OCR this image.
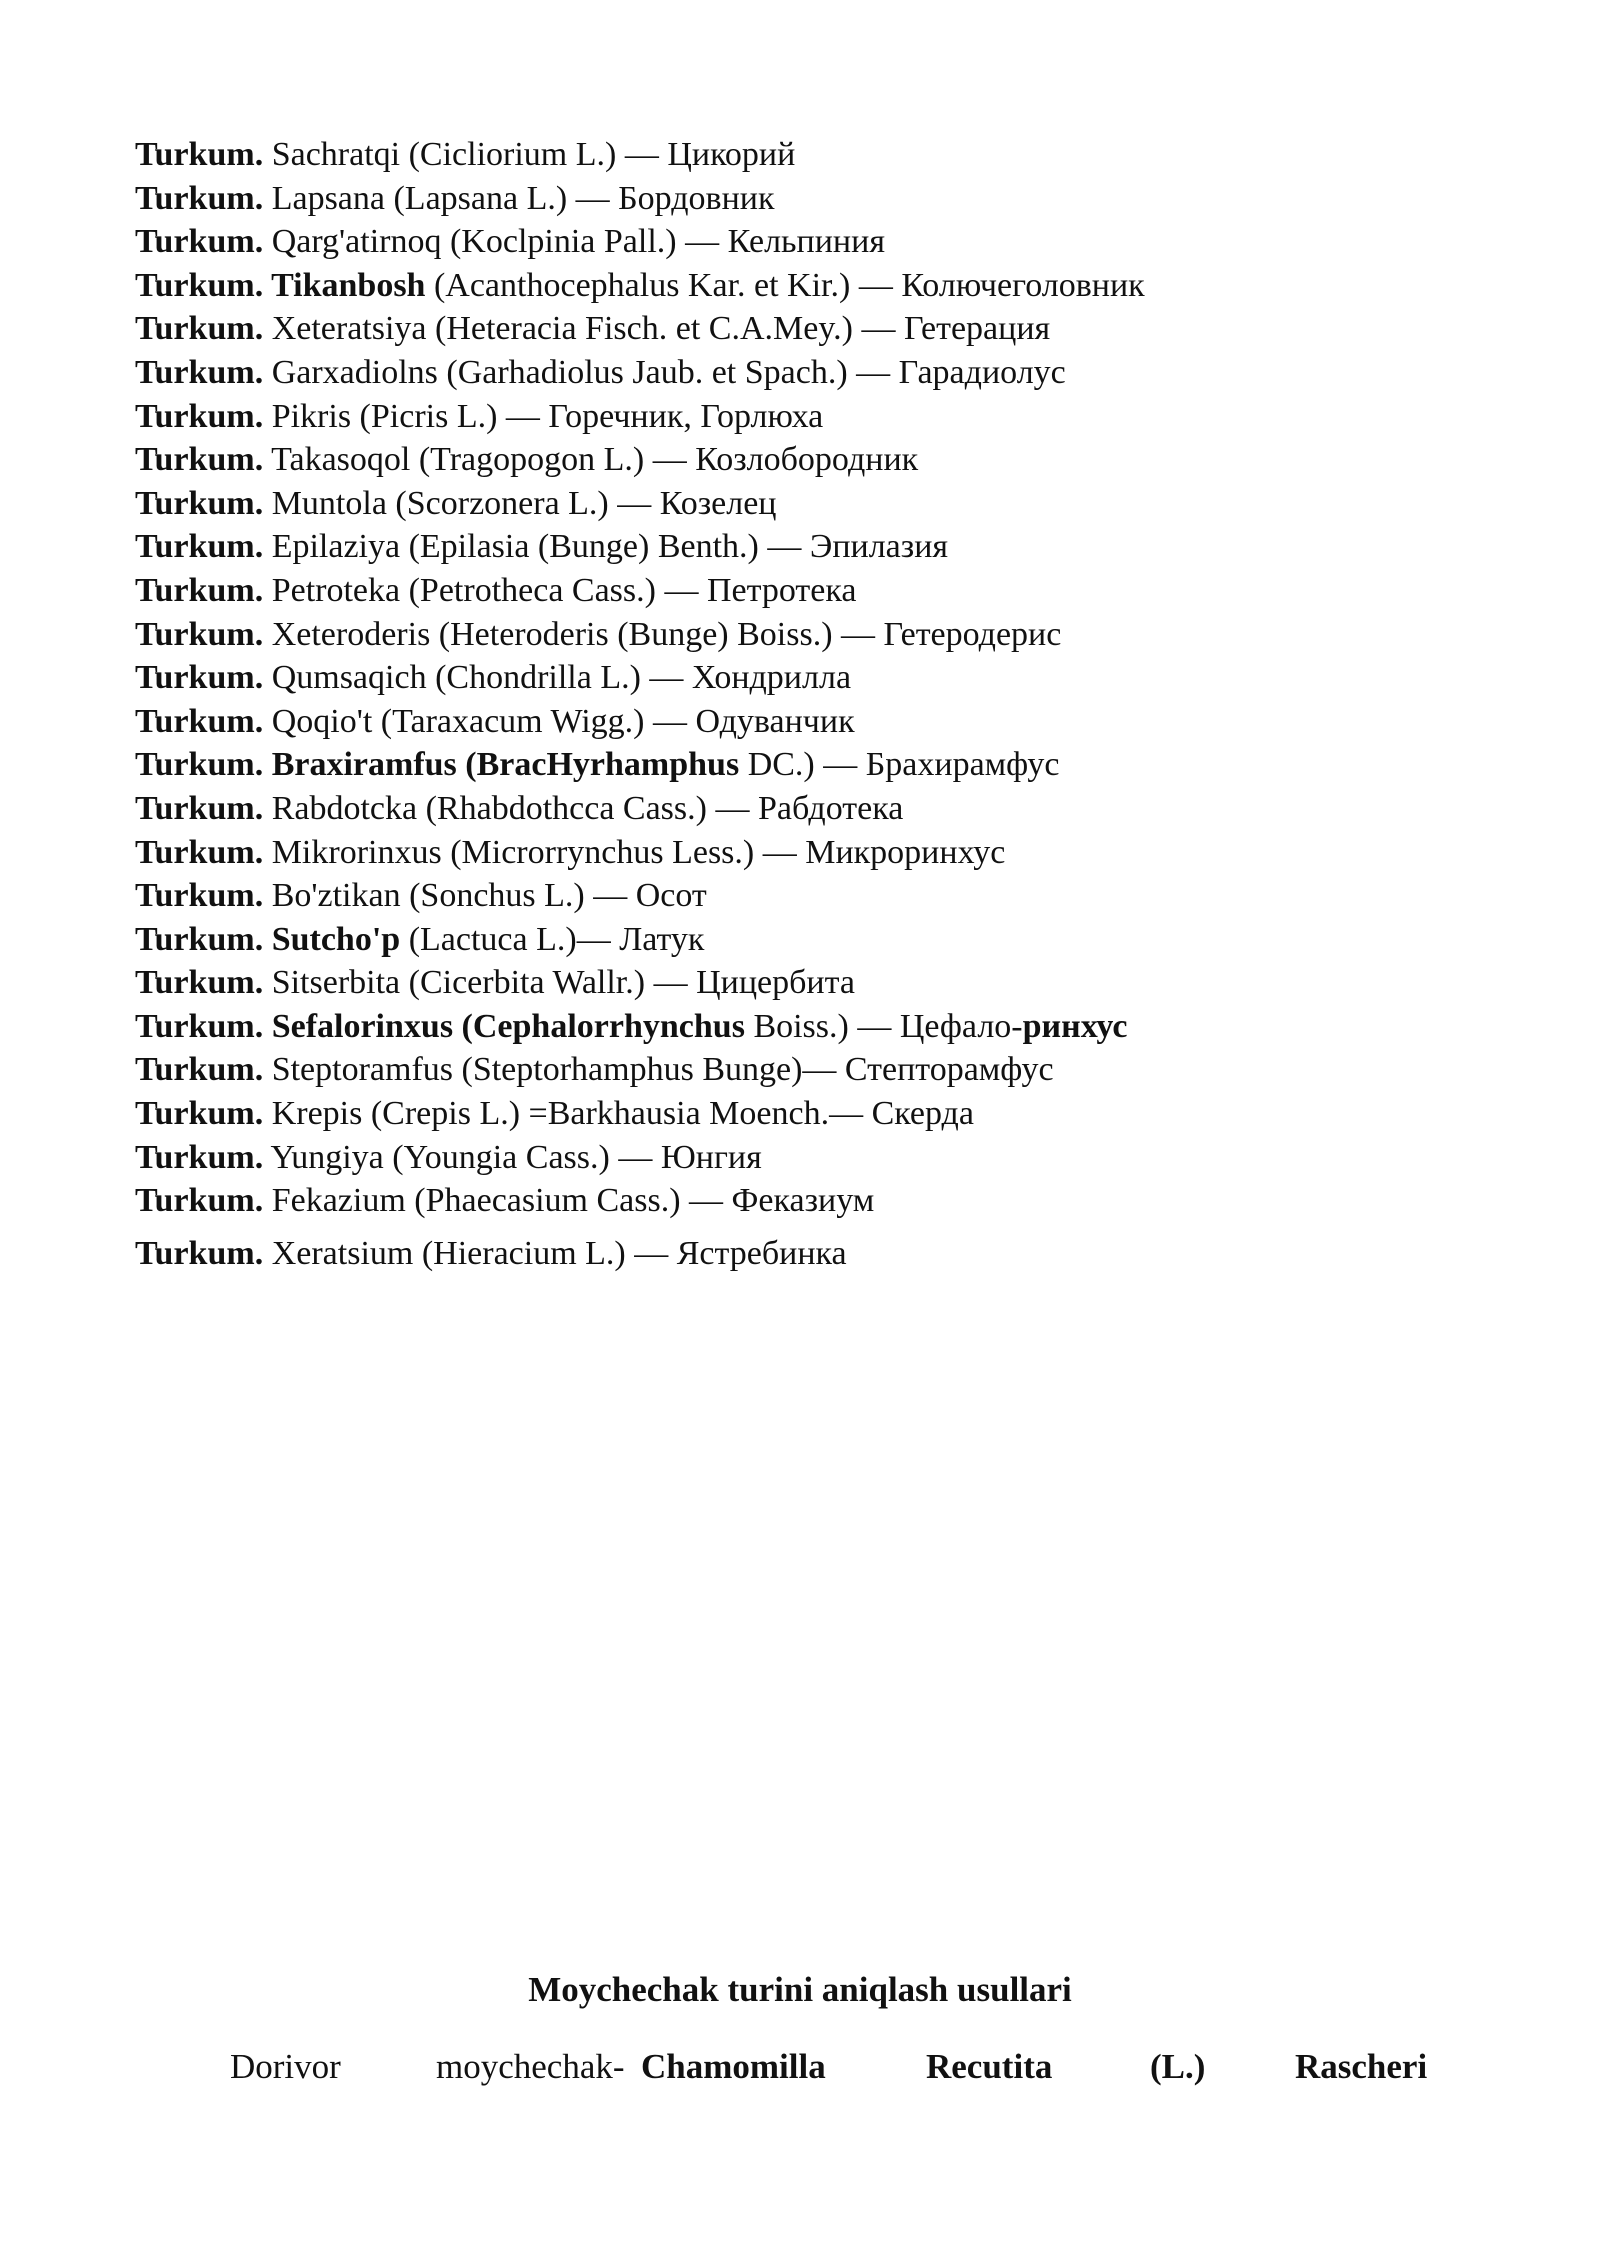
Turkum. Sachratqi (Cicliorium L.) — Цикорий
Turkum. Lapsana (Lapsana L.) — Бордовник
Turkum. Qarg'atirnoq (Koclpinia Pall.) — Кельпиния
Turkum. Tikanbosh (Acanthocephalus Kar. et Kir.) — Колючеголовник
Turkum. Xeteratsiya (Heteracia Fisch. et C.A.Mey.) — Гетерация
Turkum. Garxadiolns (Garhadiolus Jaub. et Spach.) — Гарадиолус
Turkum. Pikris (Picris L.) — Горечник, Горлюха
Turkum. Takasoqol (Tragopogon L.) — Козлобородник
Turkum. Muntola (Scorzonera L.) — Козелец
Turkum. Epilaziya (Epilasia (Bunge) Benth.) — Эпилазия
Turkum. Petroteka (Petrotheca Cass.) — Петротека
Turkum. Xeteroderis (Heteroderis (Bunge) Boiss.) — Гетеродерис
Turkum. Qumsaqich (Chondrilla L.) — Хондрилла
Turkum. Qoqio't (Taraxacum Wigg.) — Одуванчик
Turkum. Braxiramfus (BracHyrhamphus DC.) — Брахирамфус
Turkum. Rabdotcka (Rhabdothcca Cass.) — Рабдотека
Turkum. Mikrorinxus (Microrrynchus Less.) — Микроринхус
Turkum. Bo'ztikan (Sonchus L.) — Осот
Turkum. Sutcho'p (Lactuca L.)— Латук
Turkum. Sitserbita (Cicerbita Wallr.) — Цицербита
Turkum. Sefalorinxus (Cephalorrhynchus Boiss.) — Цефало-ринхус
Turkum. Steptoramfus (Steptorhamphus Bunge)— Степторамфус
Turkum. Krepis (Crepis L.) =Barkhausia Moench.— Скерда
Turkum. Yungiya (Youngia Cass.) — Юнгия
Turkum. Fekazium (Phaecasium Cass.) — Феказиум
Turkum. Xeratsium (Hieracium L.) — Ястребинка
Moychechak turini aniqlash usullari
Dorivor	moychechak- Chamomilla	Recutita	(L.)	Rascheri
